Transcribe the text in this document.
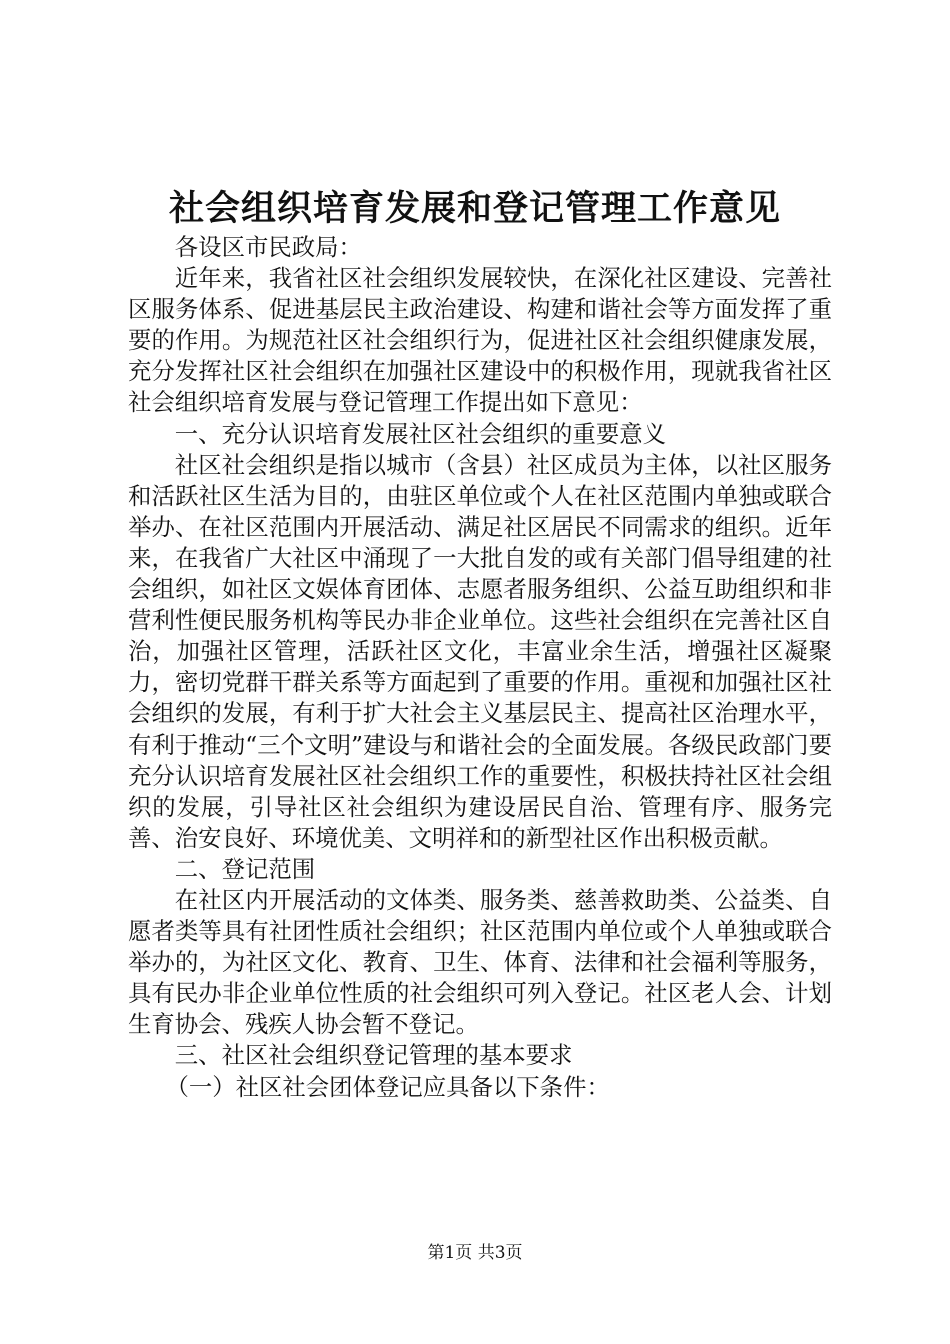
社会组织培育发展和登记管理工作意见

各设区市民政局：

近年来，我省社区社会组织发展较快，在深化社区建设、完善社区服务体系、促进基层民主政治建设、构建和谐社会等方面发挥了重要的作用。为规范社区社会组织行为，促进社区社会组织健康发展，充分发挥社区社会组织在加强社区建设中的积极作用，现就我省社区社会组织培育发展与登记管理工作提出如下意见：

一、充分认识培育发展社区社会组织的重要意义

社区社会组织是指以城市（含县）社区成员为主体，以社区服务和活跃社区生活为目的，由驻区单位或个人在社区范围内单独或联合举办、在社区范围内开展活动、满足社区居民不同需求的组织。近年来，在我省广大社区中涌现了一大批自发的或有关部门倡导组建的社会组织，如社区文娱体育团体、志愿者服务组织、公益互助组织和非营利性便民服务机构等民办非企业单位。这些社会组织在完善社区自治，加强社区管理，活跃社区文化，丰富业余生活，增强社区凝聚力，密切党群干群关系等方面起到了重要的作用。重视和加强社区社会组织的发展，有利于扩大社会主义基层民主、提高社区治理水平，有利于推动“三个文明”建设与和谐社会的全面发展。各级民政部门要充分认识培育发展社区社会组织工作的重要性，积极扶持社区社会组织的发展，引导社区社会组织为建设居民自治、管理有序、服务完善、治安良好、环境优美、文明祥和的新型社区作出积极贡献。

二、登记范围

在社区内开展活动的文体类、服务类、慈善救助类、公益类、自愿者类等具有社团性质社会组织；社区范围内单位或个人单独或联合举办的，为社区文化、教育、卫生、体育、法律和社会福利等服务，具有民办非企业单位性质的社会组织可列入登记。社区老人会、计划生育协会、残疾人协会暂不登记。

三、社区社会组织登记管理的基本要求

（一）社区社会团体登记应具备以下条件：

第1页 共3页
